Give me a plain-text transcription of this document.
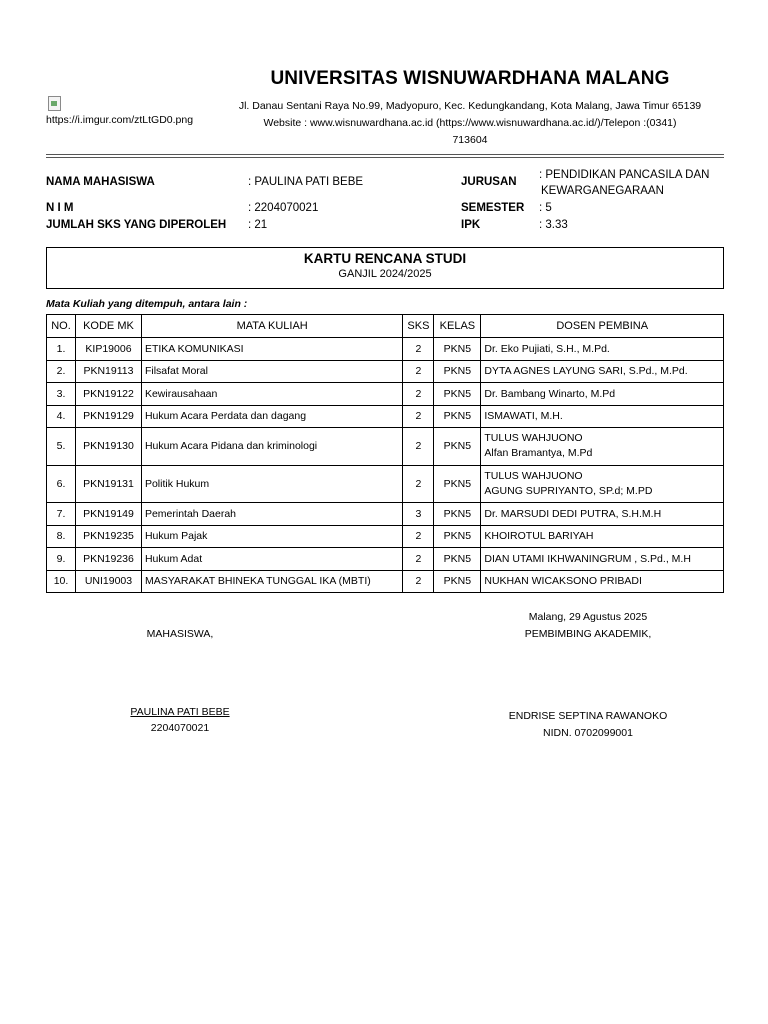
https://i.imgur.com/ztLtGD0.png
UNIVERSITAS WISNUWARDHANA MALANG
Jl. Danau Sentani Raya No.99, Madyopuro, Kec. Kedungkandang, Kota Malang, Jawa Timur 65139
Website : www.wisnuwardhana.ac.id (https://www.wisnuwardhana.ac.id/)/Telepon :(0341)
713604
NAMA MAHASISWA	: PAULINA PATI BEBE	JURUSAN
: PENDIDIKAN PANCASILA DAN
KEWARGANEGARAAN
N I M	: 2204070021	SEMESTER : 5
JUMLAH SKS YANG DIPEROLEH : 21	IPK	: 3.33
KARTU RENCANA STUDI
GANJIL 2024/2025
Mata Kuliah yang ditempuh, antara lain :
NO.	KODE MK	MATA KULIAH	SKS	KELAS	DOSEN PEMBINA
1.	KIP19006	ETIKA KOMUNIKASI	2	PKN5	Dr. Eko Pujiati, S.H., M.Pd.
2.	PKN19113	Filsafat Moral	2	PKN5	DYTA AGNES LAYUNG SARI, S.Pd., M.Pd.
3.	PKN19122	Kewirausahaan	2	PKN5	Dr. Bambang Winarto, M.Pd
4.	PKN19129	Hukum Acara Perdata dan dagang	2	PKN5	ISMAWATI, M.H.
5.	PKN19130	Hukum Acara Pidana dan kriminologi	2	PKN5	TULUS WAHJUONO
Alfan Bramantya, M.Pd

6.	PKN19131	Politik Hukum	2	PKN5	TULUS WAHJUONO
AGUNG SUPRIYANTO, SP.d; M.PD

7.	PKN19149	Pemerintah Daerah	3	PKN5	Dr. MARSUDI DEDI PUTRA, S.H.M.H
8.	PKN19235	Hukum Pajak	2	PKN5	KHOIROTUL BARIYAH
9.	PKN19236	Hukum Adat	2	PKN5	DIAN UTAMI IKHWANINGRUM , S.Pd., M.H
10.	UNI19003	MASYARAKAT BHINEKA TUNGGAL IKA (MBTI)	2	PKN5	NUKHAN WICAKSONO PRIBADI
MAHASISWA,
PAULINA PATI BEBE
2204070021
Malang, 29 Agustus 2025
PEMBIMBING AKADEMIK,
ENDRISE SEPTINA RAWANOKO
NIDN. 0702099001
